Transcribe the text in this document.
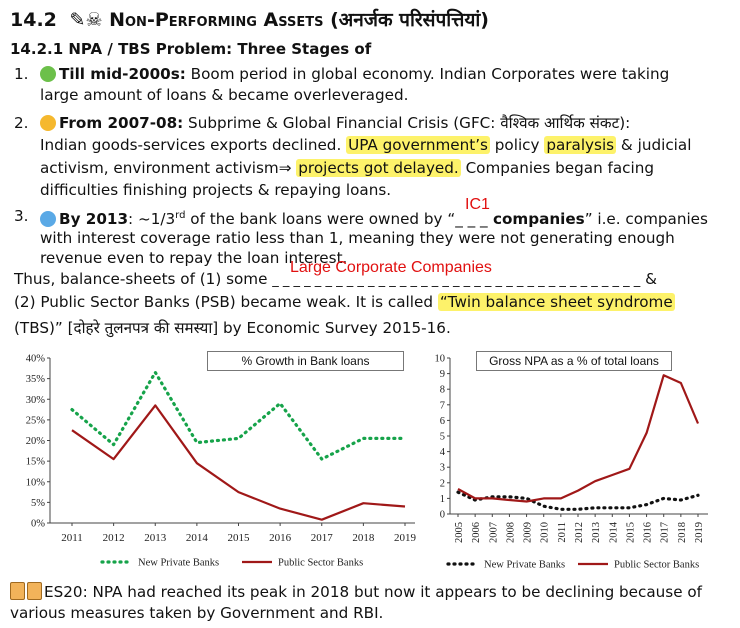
14.2 ✎☠ Non-Performing Assets (अनर्जक परिसंपत्तियां)
14.2.1 NPA / TBS Problem: Three Stages of
1.	Till mid-2000s: Boom period in global economy. Indian Corporates were taking
large amount of loans & became overleveraged.
2.	From 2007-08: Subprime & Global Financial Crisis (GFC: वैश्विक आर्थिक संकट):
Indian goods-services exports declined. UPA government’s policy paralysis & judicial
activism, environment activism⇒ projects got delayed. Companies began facing
difficulties finishing projects & repaying loans.
IC1
3.	By 2013: ~1/3rd of the bank loans were owned by “_ _ _ companies” i.e. companies
with interest coverage ratio less than 1, meaning they were not generating enough
revenue even to repay the loan interest.
Large Corporate Companies
Thus, balance-sheets of (1) some _ _ _ _ _ _ _ _ _ _ _ _ _ _ _ _ _ _ _ _ _ _ _ _ _ _ _ _ _ _ _ _ _ _ _ &
(2) Public Sector Banks (PSB) became weak. It is called “Twin balance sheet syndrome
(TBS)” [दोहरे तुलनपत्र की समस्या] by Economic Survey 2015-16.
0%
5%
10%
15%
20%
25%
30%
35%
40%
2011 2012 2013 2014 2015 2016 2017 2018 2019
New Private Banks	Public Sector Banks
% Growth in Bank loans
0
1
2
3
4
5
6
7
8
9
10
2005 2006 2007 2008 2009 2010 2011 2012 2013 2014 2015 2016 2017 2018 2019
New Private Banks	Public Sector Banks
Gross NPA as a % of total loans
ES20: NPA had reached its peak in 2018 but now it appears to be declining because of
various measures taken by Government and RBI.
